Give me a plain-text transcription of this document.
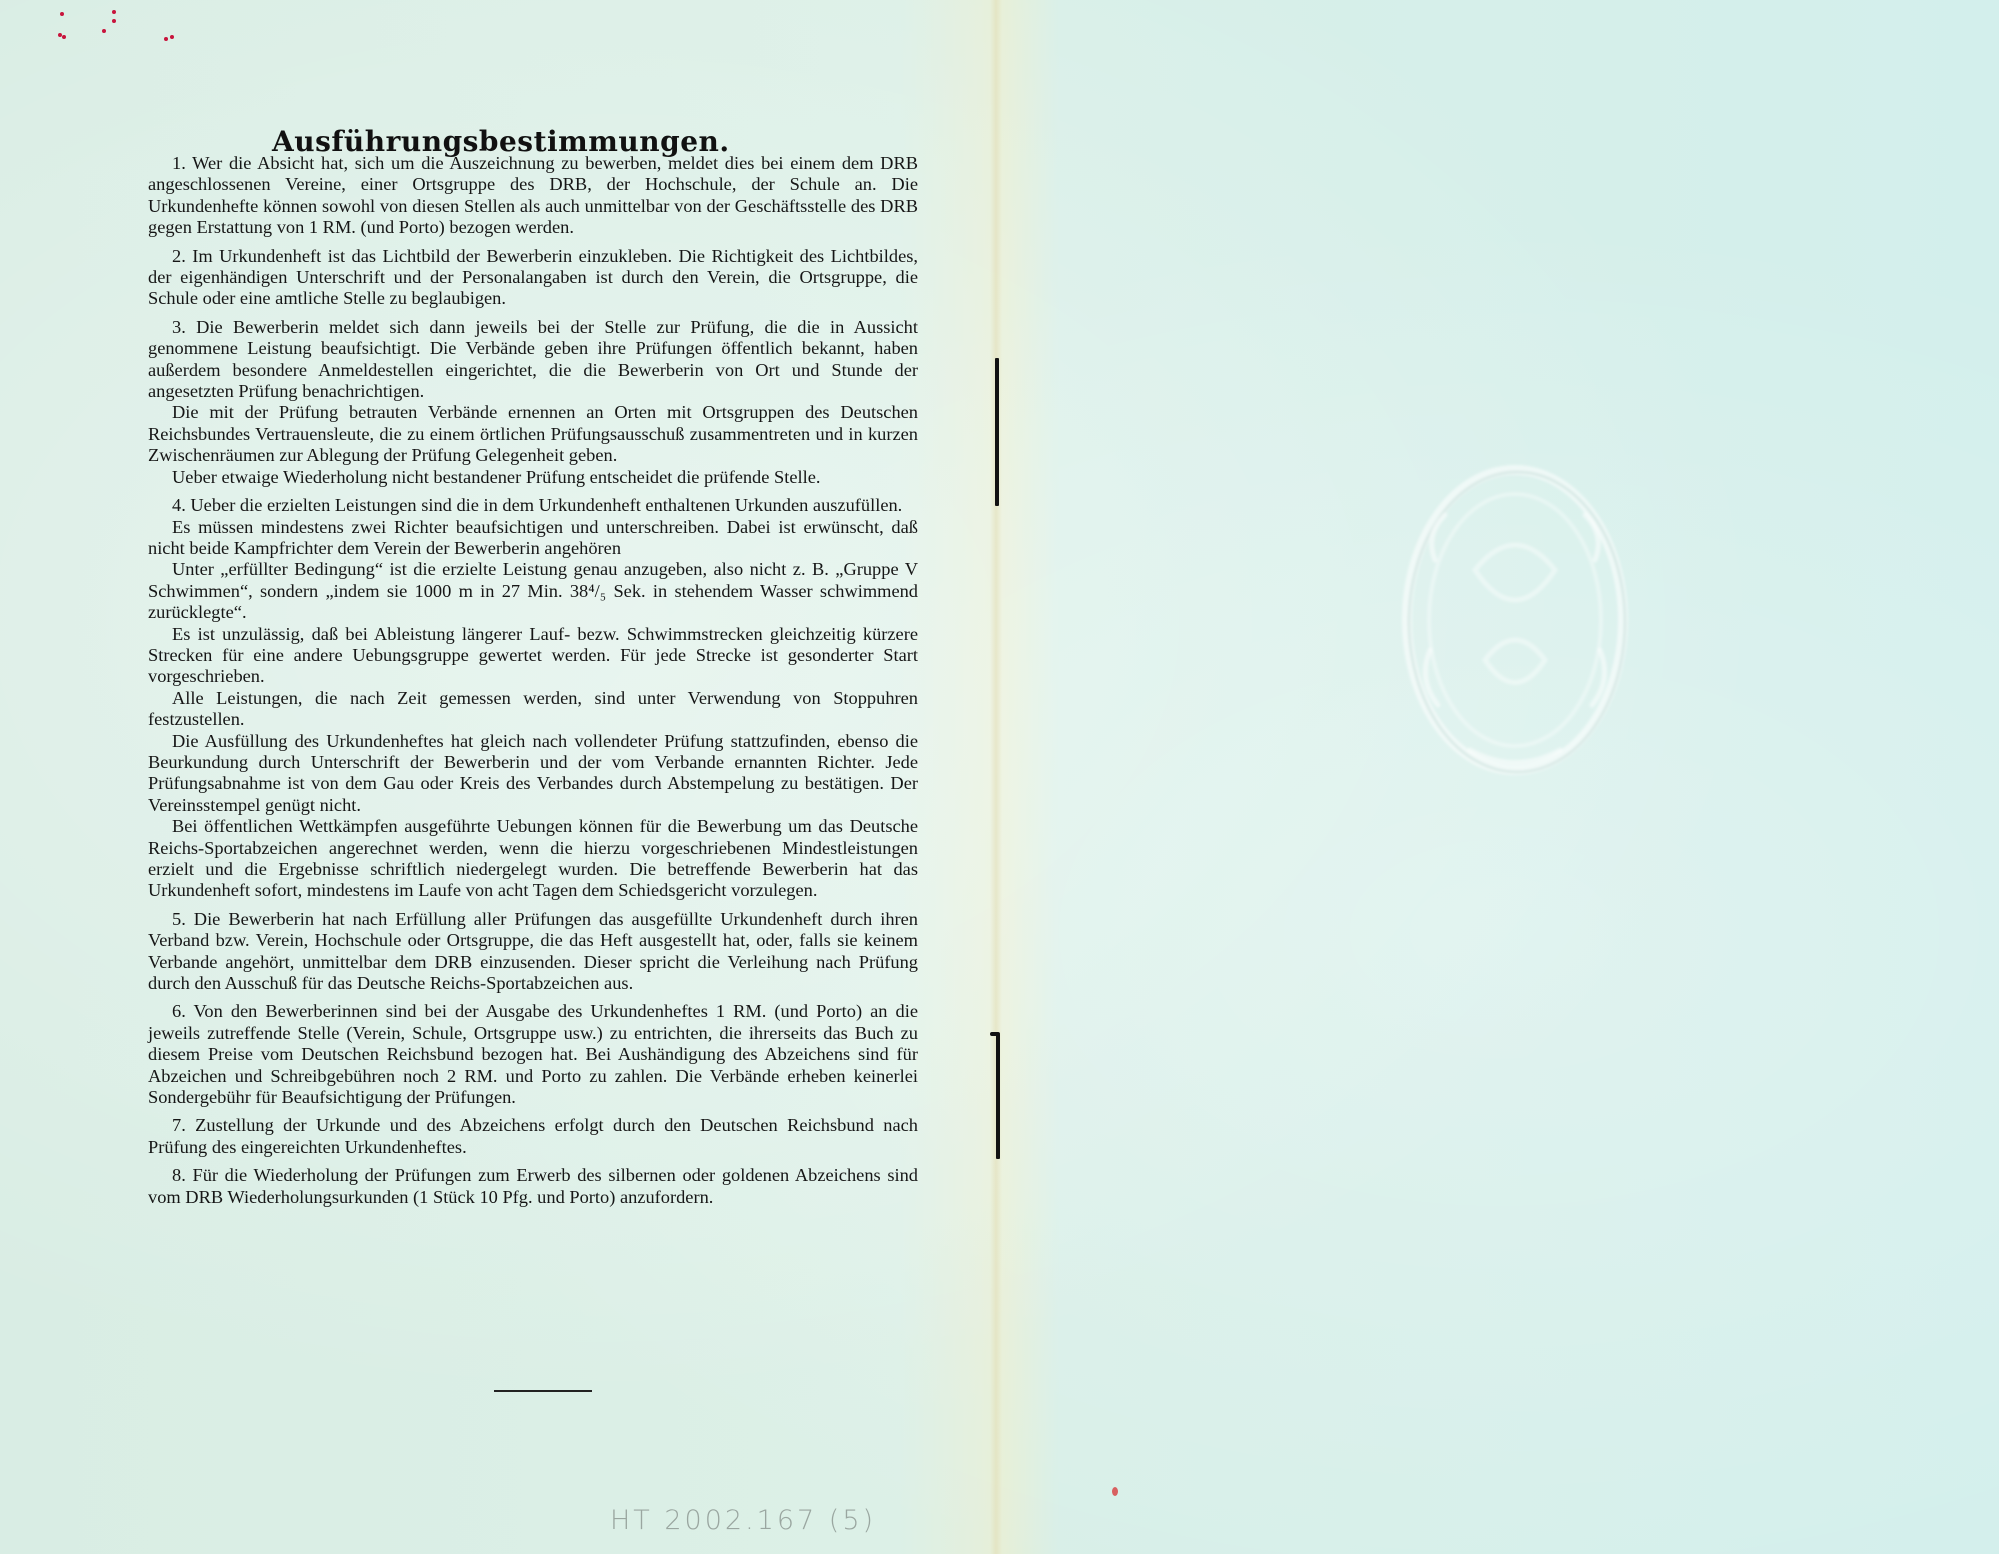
Ausführungsbestimmungen.

1. Wer die Absicht hat, sich um die Auszeichnung zu bewerben, meldet dies bei einem dem DRB angeschlossenen Vereine, einer Ortsgruppe des DRB, der Hochschule, der Schule an. Die Urkundenhefte können sowohl von diesen Stellen als auch unmittelbar von der Geschäftsstelle des DRB gegen Erstattung von 1 RM. (und Porto) bezogen werden.

2. Im Urkundenheft ist das Lichtbild der Bewerberin einzukleben. Die Richtigkeit des Lichtbildes, der eigenhändigen Unterschrift und der Personalangaben ist durch den Verein, die Ortsgruppe, die Schule oder eine amtliche Stelle zu beglaubigen.

3. Die Bewerberin meldet sich dann jeweils bei der Stelle zur Prüfung, die die in Aussicht genommene Leistung beaufsichtigt. Die Verbände geben ihre Prüfungen öffentlich bekannt, haben außerdem besondere Anmeldestellen eingerichtet, die die Bewerberin von Ort und Stunde der angesetzten Prüfung benachrichtigen.

Die mit der Prüfung betrauten Verbände ernennen an Orten mit Ortsgruppen des Deutschen Reichsbundes Vertrauensleute, die zu einem örtlichen Prüfungsausschuß zusammentreten und in kurzen Zwischenräumen zur Ablegung der Prüfung Gelegenheit geben.

Ueber etwaige Wiederholung nicht bestandener Prüfung entscheidet die prüfende Stelle.

4. Ueber die erzielten Leistungen sind die in dem Urkundenheft enthaltenen Urkunden auszufüllen.

Es müssen mindestens zwei Richter beaufsichtigen und unterschreiben. Dabei ist erwünscht, daß nicht beide Kampfrichter dem Verein der Bewerberin angehören

Unter „erfüllter Bedingung“ ist die erzielte Leistung genau anzugeben, also nicht z. B. „Gruppe V Schwimmen“, sondern „indem sie 1000 m in 27 Min. 38⁴/₅ Sek. in stehendem Wasser schwimmend zurücklegte“.

Es ist unzulässig, daß bei Ableistung längerer Lauf- bezw. Schwimmstrecken gleichzeitig kürzere Strecken für eine andere Uebungsgruppe gewertet werden. Für jede Strecke ist gesonderter Start vorgeschrieben.

Alle Leistungen, die nach Zeit gemessen werden, sind unter Verwendung von Stoppuhren festzustellen.

Die Ausfüllung des Urkundenheftes hat gleich nach vollendeter Prüfung stattzufinden, ebenso die Beurkundung durch Unterschrift der Bewerberin und der vom Verbande ernannten Richter. Jede Prüfungsabnahme ist von dem Gau oder Kreis des Verbandes durch Abstempelung zu bestätigen. Der Vereinsstempel genügt nicht.

Bei öffentlichen Wettkämpfen ausgeführte Uebungen können für die Bewerbung um das Deutsche Reichs-Sportabzeichen angerechnet werden, wenn die hierzu vorgeschriebenen Mindestleistungen erzielt und die Ergebnisse schriftlich niedergelegt wurden. Die betreffende Bewerberin hat das Urkundenheft sofort, mindestens im Laufe von acht Tagen dem Schiedsgericht vorzulegen.

5. Die Bewerberin hat nach Erfüllung aller Prüfungen das ausgefüllte Urkundenheft durch ihren Verband bzw. Verein, Hochschule oder Ortsgruppe, die das Heft ausgestellt hat, oder, falls sie keinem Verbande angehört, unmittelbar dem DRB einzusenden. Dieser spricht die Verleihung nach Prüfung durch den Ausschuß für das Deutsche Reichs-Sportabzeichen aus.

6. Von den Bewerberinnen sind bei der Ausgabe des Urkundenheftes 1 RM. (und Porto) an die jeweils zutreffende Stelle (Verein, Schule, Ortsgruppe usw.) zu entrichten, die ihrerseits das Buch zu diesem Preise vom Deutschen Reichsbund bezogen hat. Bei Aushändigung des Abzeichens sind für Abzeichen und Schreibgebühren noch 2 RM. und Porto zu zahlen. Die Verbände erheben keinerlei Sondergebühr für Beaufsichtigung der Prüfungen.

7. Zustellung der Urkunde und des Abzeichens erfolgt durch den Deutschen Reichsbund nach Prüfung des eingereichten Urkundenheftes.

8. Für die Wiederholung der Prüfungen zum Erwerb des silbernen oder goldenen Abzeichens sind vom DRB Wiederholungsurkunden (1 Stück 10 Pfg. und Porto) anzufordern.

HT 2002.167 (5)
